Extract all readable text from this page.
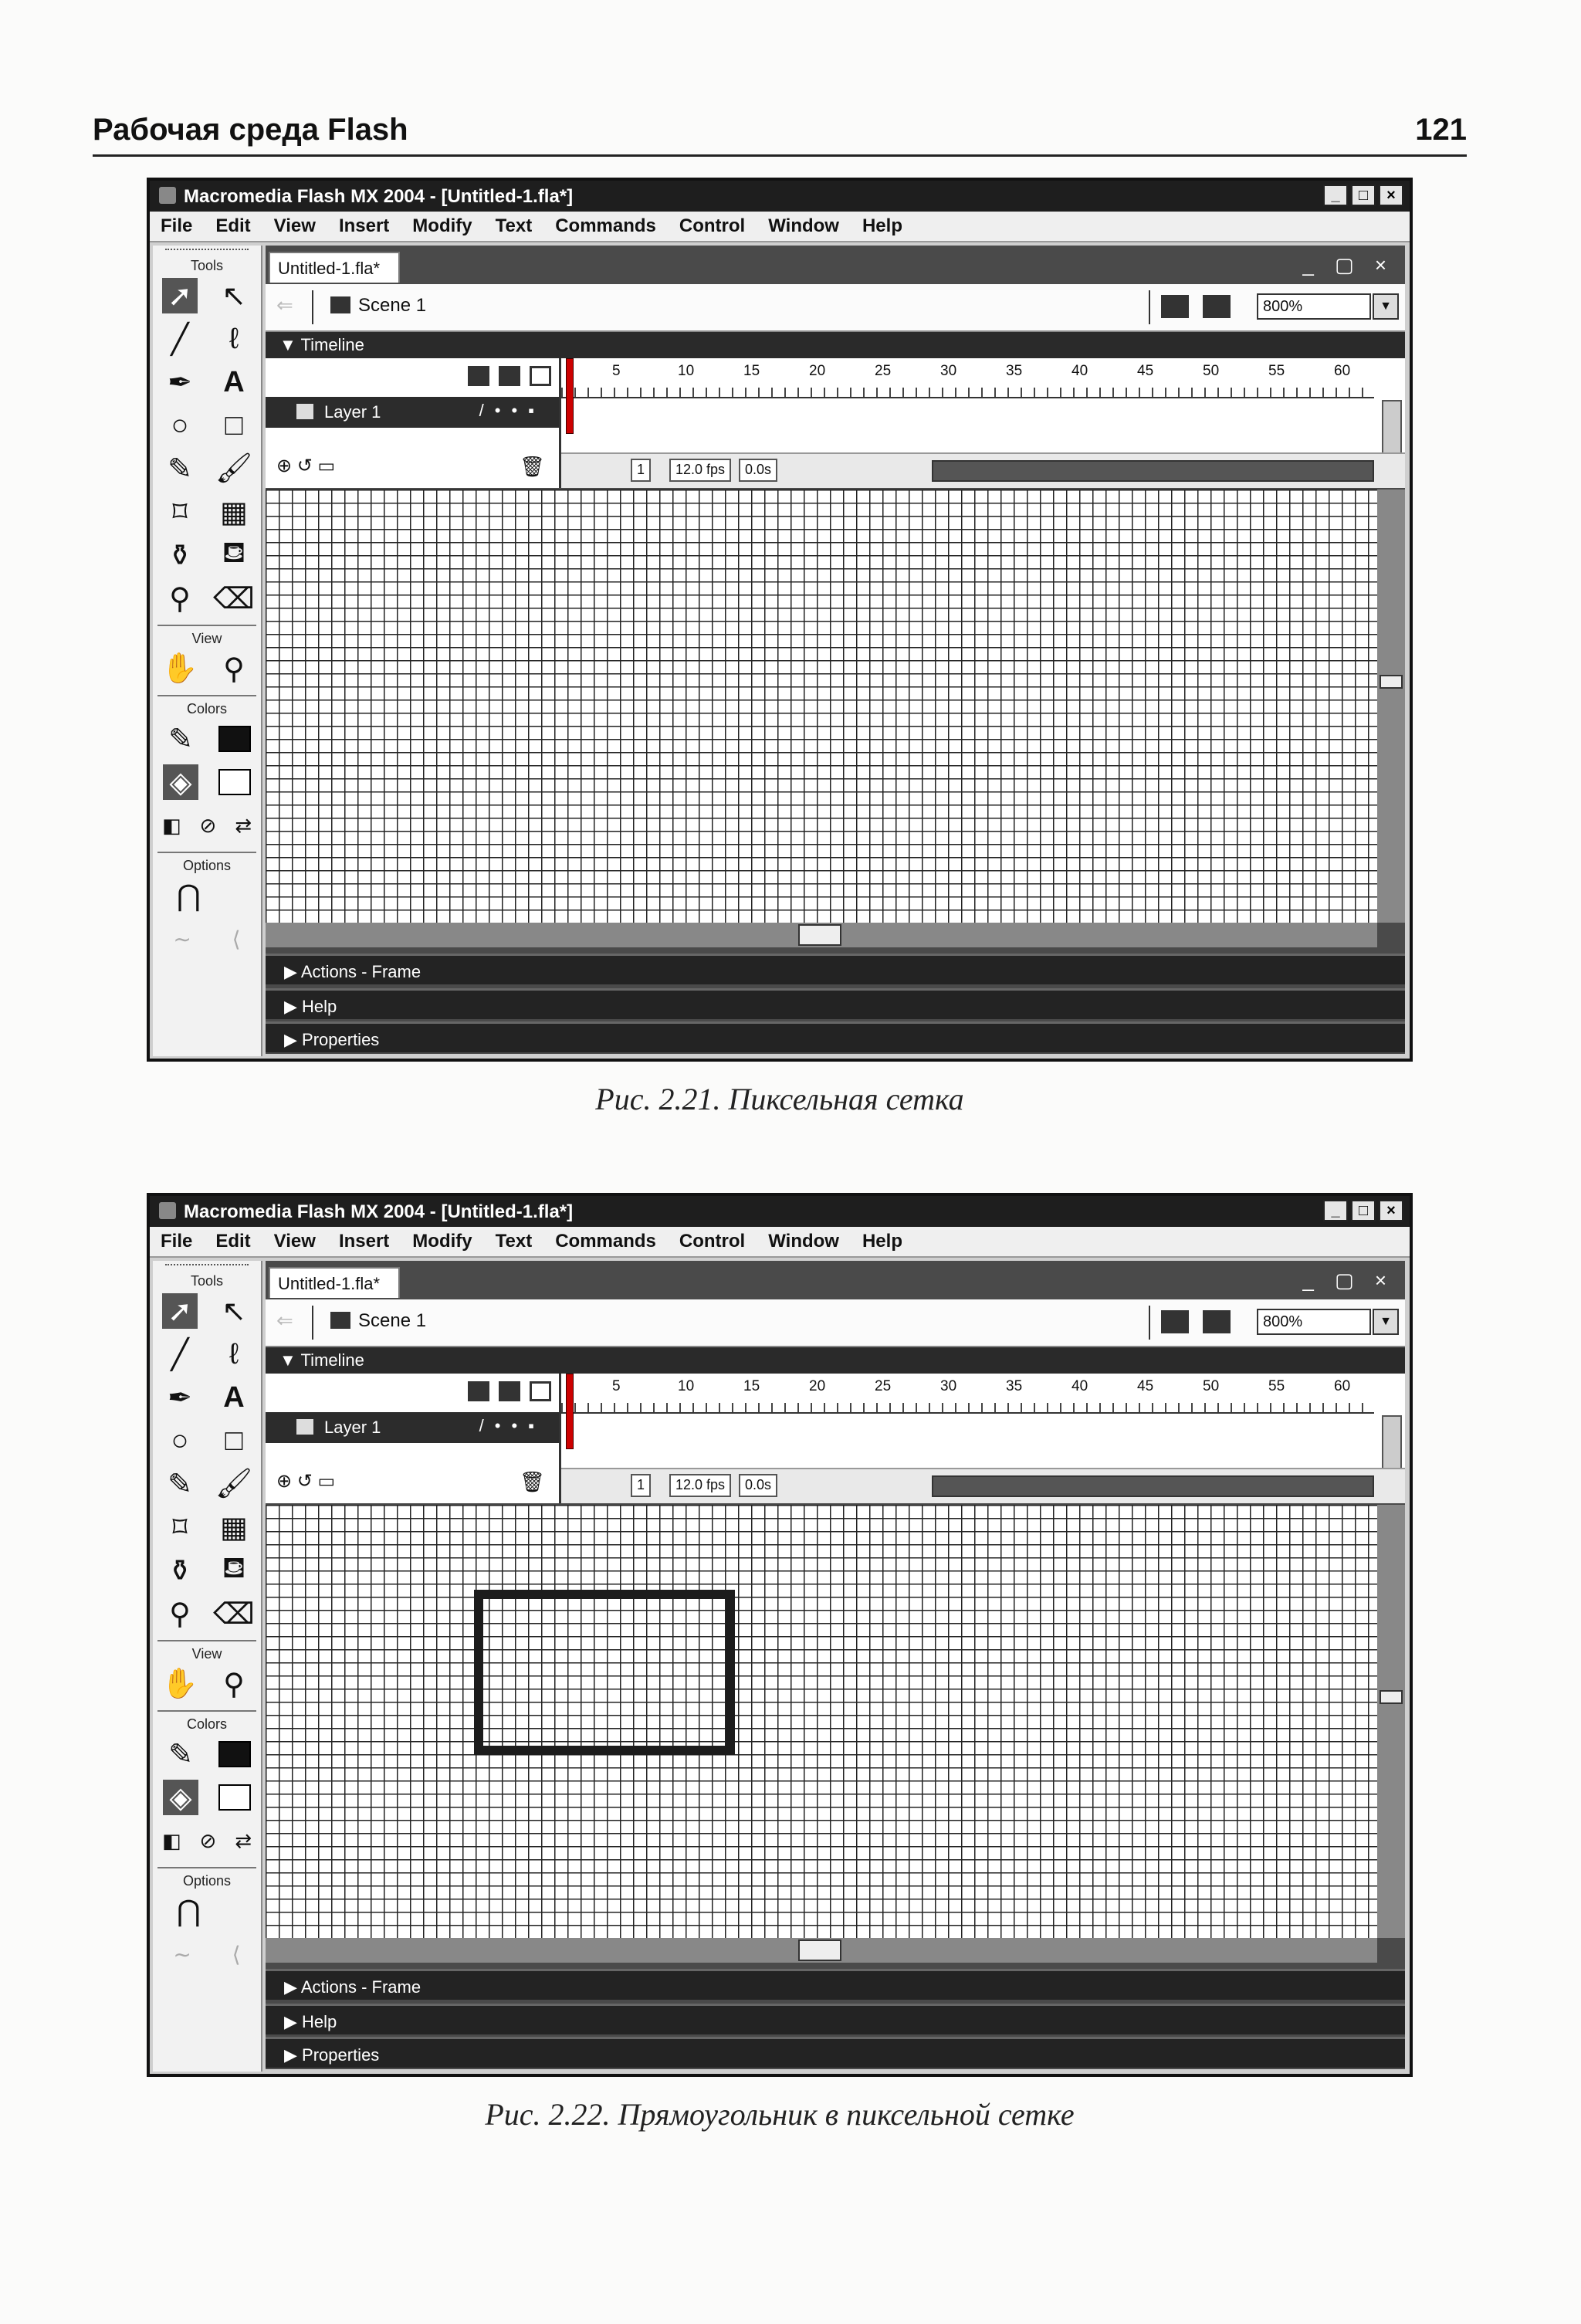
Рабочая среда Flash	121
Macromedia Flash MX 2004 - [Untitled-1.fla*]	_	□	×
File Edit View Insert Modify Text Commands Control Window Help
Tools
➚ ↖
╱	ℓ
✒ A
○	□
✎ 🖌
⌑	▦
⚱ ⛾
⚲ ⌫
View
✋ ⚲
Colors
✎
◈
◧ ⊘ ⇄
Options
⋂
∼ ⟨
Untitled-1.fla*	_ ▢ ×
⇐	Scene 1	800%	▼
▼ Timeline
Layer 1	/••▪
⊕ ↺ ▭	🗑
5	10	15	20	25	30	35	40	45	50	55	60
1	12.0 fps	0.0s
▶ Actions - Frame
▶ Help
▶ Properties
Рис. 2.21. Пиксельная сетка
Macromedia Flash MX 2004 - [Untitled-1.fla*]	_	□	×
File Edit View Insert Modify Text Commands Control Window Help
Tools
➚ ↖
╱	ℓ
✒ A
○	□
✎ 🖌
⌑	▦
⚱ ⛾
⚲ ⌫
View
✋ ⚲
Colors
✎
◈
◧ ⊘ ⇄
Options
⋂
∼ ⟨
Untitled-1.fla*	_ ▢ ×
⇐	Scene 1	800%	▼
▼ Timeline
Layer 1	/••▪
⊕ ↺ ▭	🗑
5	10	15	20	25	30	35	40	45	50	55	60
1	12.0 fps	0.0s
▶ Actions - Frame
▶ Help
▶ Properties
Рис. 2.22. Прямоугольник в пиксельной сетке
